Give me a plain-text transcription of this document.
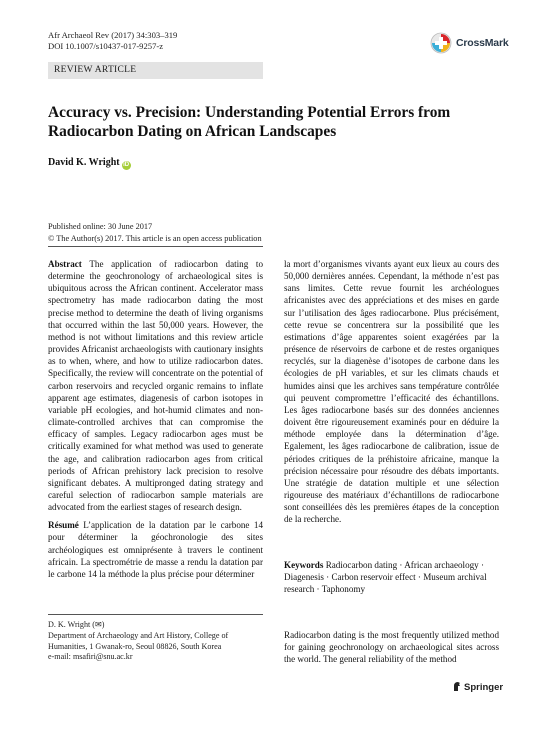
Afr Archaeol Rev (2017) 34:303–319
DOI 10.1007/s10437-017-9257-z	CrossMark
REVIEW ARTICLE
Accuracy vs. Precision: Understanding Potential Errors from Radiocarbon Dating on African Landscapes
David K. Wright iD
Published online: 30 June 2017
© The Author(s) 2017. This article is an open access publication

Abstract The application of radiocarbon dating to determine the geochronology of archaeological sites is ubiquitous across the African continent. Accelerator mass spectrometry has made radiocarbon dating the most precise method to determine the death of living organisms that occurred within the last 50,000 years. However, the method is not without limitations and this review article provides Africanist archaeologists with cautionary insights as to when, where, and how to utilize radiocarbon dates. Specifically, the review will concentrate on the potential of carbon reservoirs and recycled organic remains to inflate apparent age estimates, diagenesis of carbon isotopes in variable pH ecologies, and hot-humid climates and non-climate-controlled archives that can compromise the efficacy of samples. Legacy radiocarbon ages must be critically examined for what method was used to generate the age, and calibration radiocarbon ages from critical periods of African prehistory lack precision to resolve significant debates. A multipronged dating strategy and careful selection of radiocarbon sample materials are advocated from the earliest stages of research design.

Résumé L’application de la datation par le carbone 14 pour déterminer la géochronologie des sites archéologiques est omniprésente à travers le continent africain. La spectrométrie de masse a rendu la datation par le carbone 14 la méthode la plus précise pour déterminer

Keywords Radiocarbon dating · African archaeology · Diagenesis · Carbon reservoir effect · Museum archival research · Taphonomy
D. K. Wright (✉)
Department of Archaeology and Art History, College of Humanities, 1 Gwanak-ro, Seoul 08826, South Korea
e-mail: msafiri@snu.ac.kr
Radiocarbon dating is the most frequently utilized method for gaining geochronology on archaeological sites across the world. The general reliability of the method
Springer

la mort d’organismes vivants ayant eux lieux au cours des 50,000 dernières années. Cependant, la méthode n’est pas sans limites. Cette revue fournit les archéologues africanistes avec des appréciations et des mises en garde sur l’utilisation des âges radiocarbone. Plus précisément, cette revue se concentrera sur la possibilité que les estimations d’âge apparentes soient exagérées par la présence de réservoirs de carbone et de restes organiques recyclés, sur la diagenèse d’isotopes de carbone dans les écologies de pH variables, et sur les climats chauds et humides ainsi que les archives sans température contrôlée qui peuvent compromettre l’efficacité des échantillons. Les âges radiocarbone basés sur des données anciennes doivent être rigoureusement examinés pour en déduire la méthode employée dans la détermination d’âge. Egalement, les âges radiocarbone de calibration, issue de périodes critiques de la préhistoire africaine, manque la précision nécessaire pour résoudre des débats importants. Une stratégie de datation multiple et une sélection rigoureuse des matériaux d’échantillons de radiocarbone sont conseillées dès les premières étapes de la conception de la recherche.
